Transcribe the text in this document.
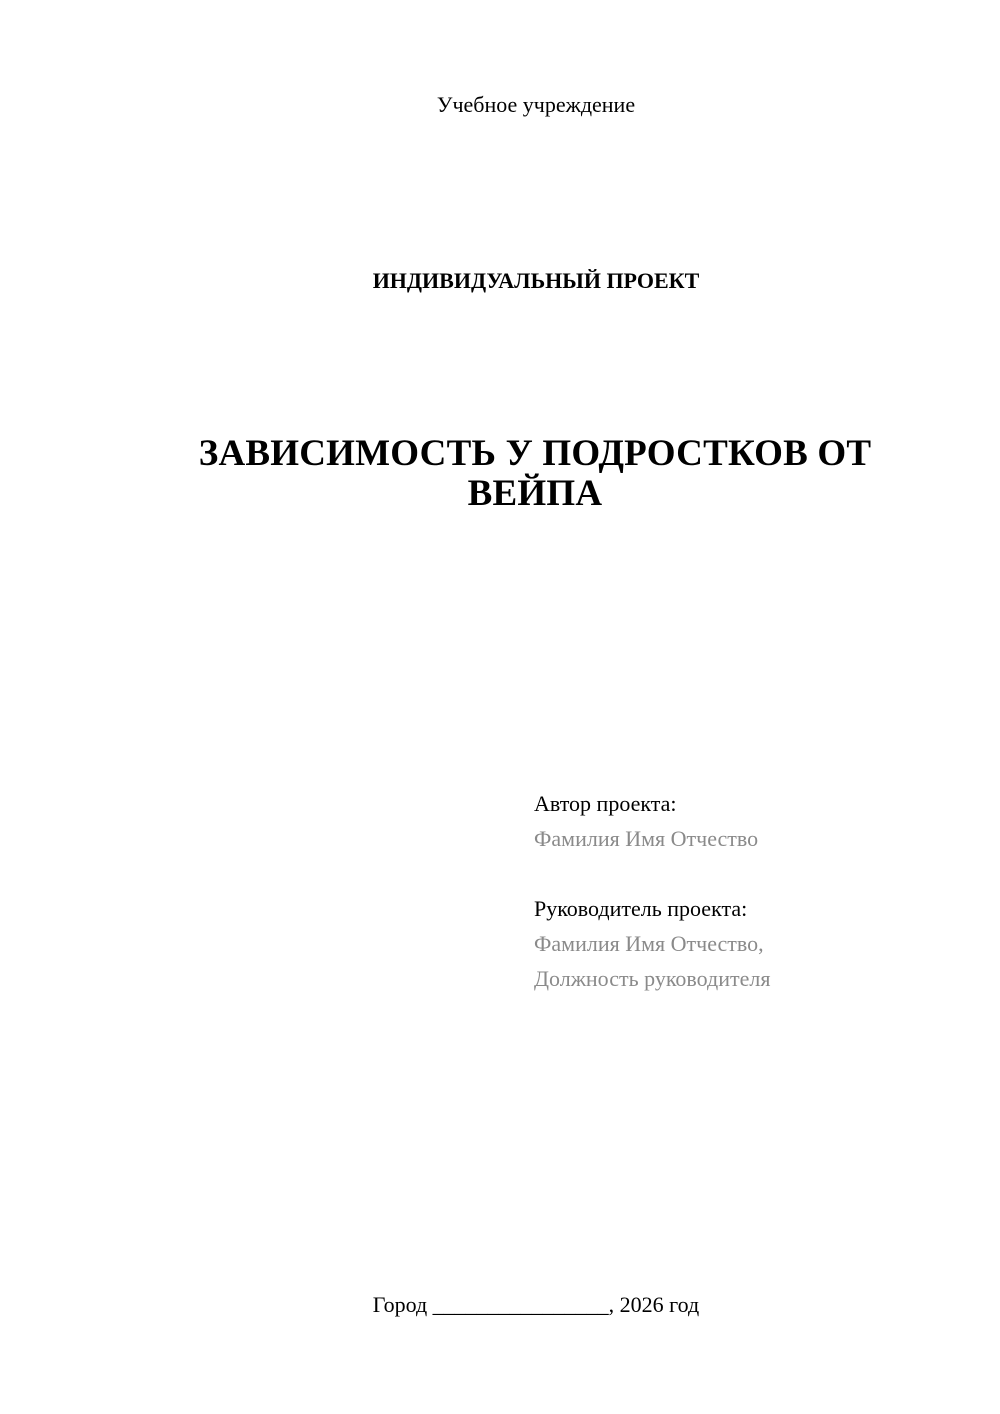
Учебное учреждение
ИНДИВИДУАЛЬНЫЙ ПРОЕКТ
ЗАВИСИМОСТЬ У ПОДРОСТКОВ ОТ
ВЕЙПА
Автор проекта:
Фамилия Имя Отчество
Руководитель проекта:
Фамилия Имя Отчество,
Должность руководителя
Город ________________, 2026 год
